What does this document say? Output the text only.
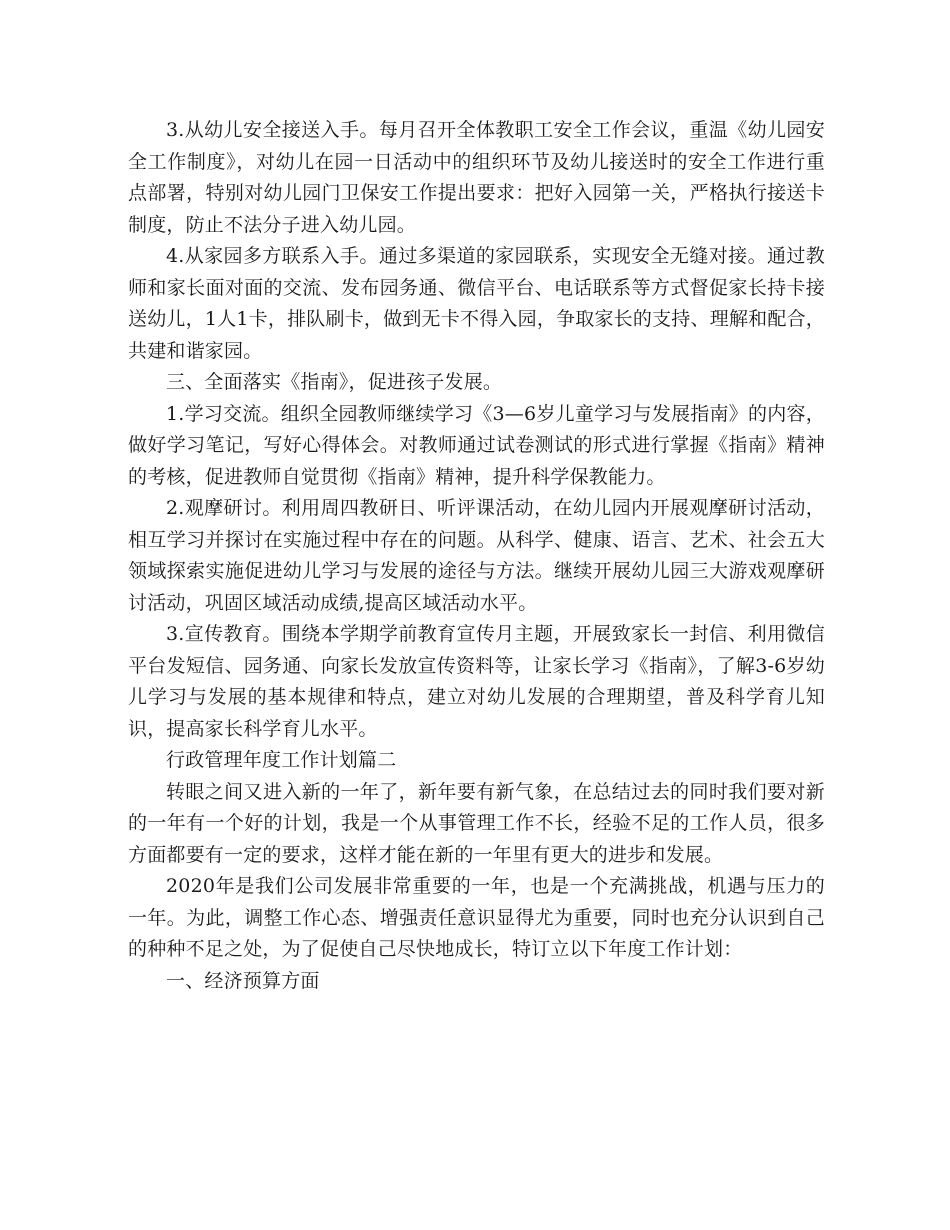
3.从幼儿安全接送入手。每月召开全体教职工安全工作会议，重温《幼儿园安全工作制度》，对幼儿在园一日活动中的组织环节及幼儿接送时的安全工作进行重点部署，特别对幼儿园门卫保安工作提出要求：把好入园第一关，严格执行接送卡制度，防止不法分子进入幼儿园。

4.从家园多方联系入手。通过多渠道的家园联系，实现安全无缝对接。通过教师和家长面对面的交流、发布园务通、微信平台、电话联系等方式督促家长持卡接送幼儿，1人1卡，排队刷卡，做到无卡不得入园，争取家长的支持、理解和配合，共建和谐家园。

三、全面落实《指南》，促进孩子发展。

1.学习交流。组织全园教师继续学习《3—6岁儿童学习与发展指南》的内容，做好学习笔记，写好心得体会。对教师通过试卷测试的形式进行掌握《指南》精神的考核，促进教师自觉贯彻《指南》精神，提升科学保教能力。

2.观摩研讨。利用周四教研日、听评课活动，在幼儿园内开展观摩研讨活动，相互学习并探讨在实施过程中存在的问题。从科学、健康、语言、艺术、社会五大领域探索实施促进幼儿学习与发展的途径与方法。继续开展幼儿园三大游戏观摩研讨活动，巩固区域活动成绩,提高区域活动水平。

3.宣传教育。围绕本学期学前教育宣传月主题，开展致家长一封信、利用微信平台发短信、园务通、向家长发放宣传资料等，让家长学习《指南》，了解3-6岁幼儿学习与发展的基本规律和特点，建立对幼儿发展的合理期望，普及科学育儿知识，提高家长科学育儿水平。

行政管理年度工作计划篇二

转眼之间又进入新的一年了，新年要有新气象，在总结过去的同时我们要对新的一年有一个好的计划，我是一个从事管理工作不长，经验不足的工作人员，很多方面都要有一定的要求，这样才能在新的一年里有更大的进步和发展。

2020年是我们公司发展非常重要的一年，也是一个充满挑战，机遇与压力的一年。为此，调整工作心态、增强责任意识显得尤为重要，同时也充分认识到自己的种种不足之处，为了促使自己尽快地成长，特订立以下年度工作计划：

一、经济预算方面
